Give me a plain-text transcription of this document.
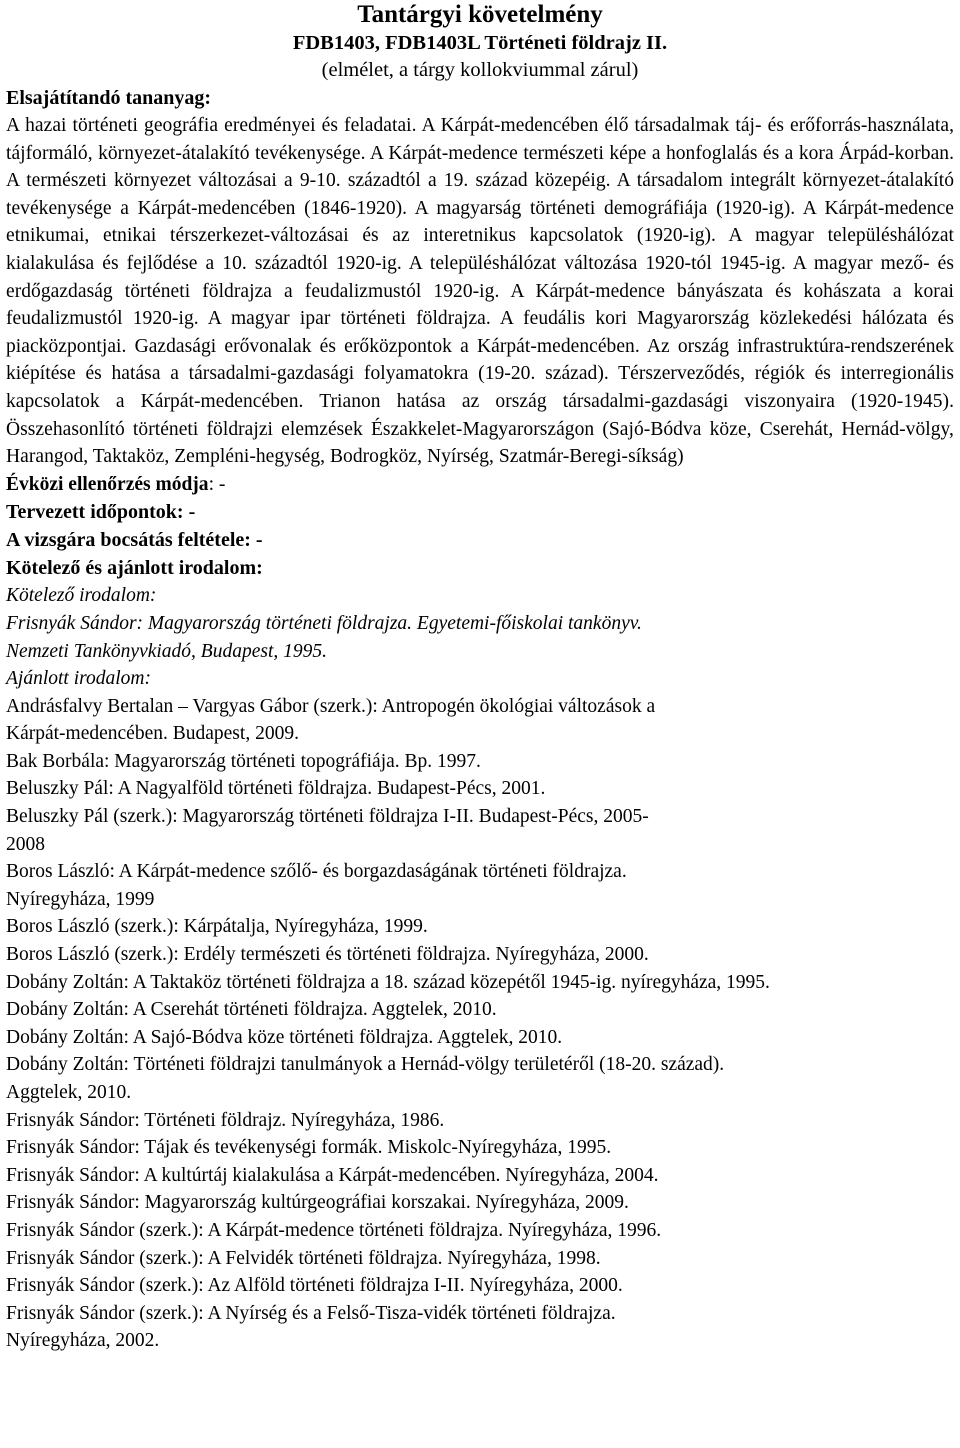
Tantárgyi követelmény
FDB1403, FDB1403L Történeti földrajz II.
(elmélet, a tárgy kollokviummal zárul)
Elsajátítandó tananyag:

A hazai történeti geográfia eredményei és feladatai. A Kárpát-medencében élő társadalmak táj- és erőforrás-használata, tájformáló, környezet-átalakító tevékenysége. A Kárpát-medence természeti képe a honfoglalás és a kora Árpád-korban. A természeti környezet változásai a 9-10. századtól a 19. század közepéig. A társadalom integrált környezet-átalakító tevékenysége a Kárpát-medencében (1846-1920). A magyarság történeti demográfiája (1920-ig). A Kárpát-medence etnikumai, etnikai térszerkezet-változásai és az interetnikus kapcsolatok (1920-ig). A magyar településhálózat kialakulása és fejlődése a 10. századtól 1920-ig. A településhálózat változása 1920-tól 1945-ig. A magyar mező- és erdőgazdaság történeti földrajza a feudalizmustól 1920-ig. A Kárpát-medence bányászata és kohászata a korai feudalizmustól 1920-ig. A magyar ipar történeti földrajza. A feudális kori Magyarország közlekedési hálózata és piacközpontjai. Gazdasági erővonalak és erőközpontok a Kárpát-medencében. Az ország infrastruktúra-rendszerének kiépítése és hatása a társadalmi-gazdasági folyamatokra (19-20. század). Térszerveződés, régiók és interregionális kapcsolatok a Kárpát-medencében. Trianon hatása az ország társadalmi-gazdasági viszonyaira (1920-1945). Összehasonlító történeti földrajzi elemzések Északkelet-Magyarországon (Sajó-Bódva köze, Cserehát, Hernád-völgy, Harangod, Taktaköz, Zempléni-hegység, Bodrogköz, Nyírség, Szatmár-Beregi-síkság)

Évközi ellenőrzés módja: -
Tervezett időpontok: -
A vizsgára bocsátás feltétele: -
Kötelező és ajánlott irodalom:
Kötelező irodalom:
Frisnyák Sándor: Magyarország történeti földrajza. Egyetemi-főiskolai tankönyv.
Nemzeti Tankönyvkiadó, Budapest, 1995.
Ajánlott irodalom:
Andrásfalvy Bertalan – Vargyas Gábor (szerk.): Antropogén ökológiai változások a
Kárpát-medencében. Budapest, 2009.
Bak Borbála: Magyarország történeti topográfiája. Bp. 1997.
Beluszky Pál: A Nagyalföld történeti földrajza. Budapest-Pécs, 2001.
Beluszky Pál (szerk.): Magyarország történeti földrajza I-II. Budapest-Pécs, 2005-
2008
Boros László: A Kárpát-medence szőlő- és borgazdaságának történeti földrajza.
Nyíregyháza, 1999
Boros László (szerk.): Kárpátalja, Nyíregyháza, 1999.
Boros László (szerk.): Erdély természeti és történeti földrajza. Nyíregyháza, 2000.
Dobány Zoltán: A Taktaköz történeti földrajza a 18. század közepétől 1945-ig. nyíregyháza, 1995.
Dobány Zoltán: A Cserehát történeti földrajza. Aggtelek, 2010.
Dobány Zoltán: A Sajó-Bódva köze történeti földrajza. Aggtelek, 2010.
Dobány Zoltán: Történeti földrajzi tanulmányok a Hernád-völgy területéről (18-20. század).
Aggtelek, 2010.
Frisnyák Sándor: Történeti földrajz. Nyíregyháza, 1986.
Frisnyák Sándor: Tájak és tevékenységi formák. Miskolc-Nyíregyháza, 1995.
Frisnyák Sándor: A kultúrtáj kialakulása a Kárpát-medencében. Nyíregyháza, 2004.
Frisnyák Sándor: Magyarország kultúrgeográfiai korszakai. Nyíregyháza, 2009.
Frisnyák Sándor (szerk.): A Kárpát-medence történeti földrajza. Nyíregyháza, 1996.
Frisnyák Sándor (szerk.): A Felvidék történeti földrajza. Nyíregyháza, 1998.
Frisnyák Sándor (szerk.): Az Alföld történeti földrajza I-II. Nyíregyháza, 2000.
Frisnyák Sándor (szerk.): A Nyírség és a Felső-Tisza-vidék történeti földrajza.
Nyíregyháza, 2002.
